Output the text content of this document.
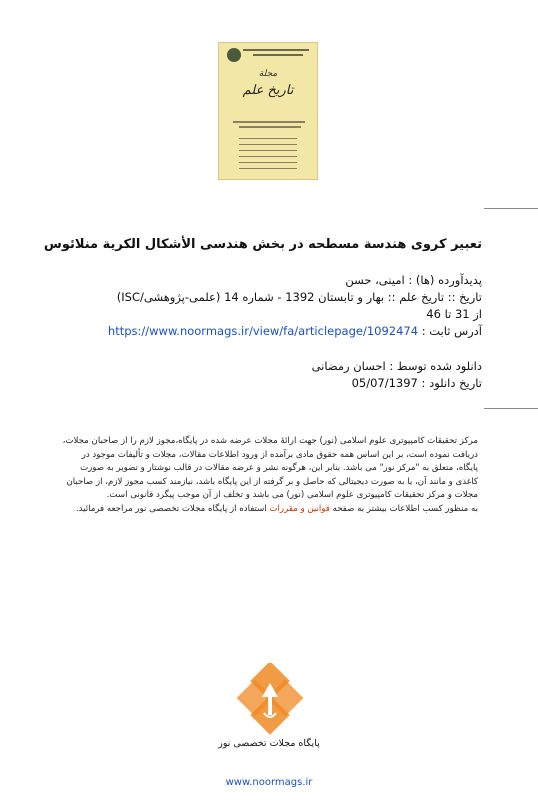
مجلة
تاریخ علم
تعبیر کروی هندسة مسطحه در بخش هندسی الأشکال الكرية منلائوس
پدیدآورده (ها) : امینی، حسن
تاریخ :: تاریخ علم :: بهار و تابستان 1392 - شماره 14 (علمی-پژوهشی/ISC)
از 31 تا 46
آدرس ثابت : https://www.noormags.ir/view/fa/articlepage/1092474
دانلود شده توسط : احسان رمضانی
تاریخ دانلود : 05/07/1397
مرکز تحقیقات کامپیوتری علوم اسلامی (نور) جهت ارائۀ مجلات عرضه شده در پایگاه،مجوز لازم را از صاحبان مجلات، دریافت نموده است، بر این اساس همه حقوق مادی برآمده از ورود اطلاعات مقالات، مجلات و تألیفات موجود در پایگاه، متعلق به "مرکز نور" می باشد. بنابر این، هرگونه نشر و عرضه مقالات در قالب نوشتار و تصویر به صورت کاغذی و مانند آن، یا به صورت دیجیتالی که حاصل و بر گرفته از این پایگاه باشد، نیازمند کسب مجوز لازم، از صاحبان مجلات و مرکز تحقیقات کامپیوتری علوم اسلامی (نور) می باشد و تخلف از آن موجب پیگرد قانونی است.
به منظور کسب اطلاعات بیشتر به صفحه قوانین و مقررات استفاده از پایگاه مجلات تخصصی نور مراجعه فرمائید.
پایگاه مجلات تخصصی نور
www.noormags.ir
